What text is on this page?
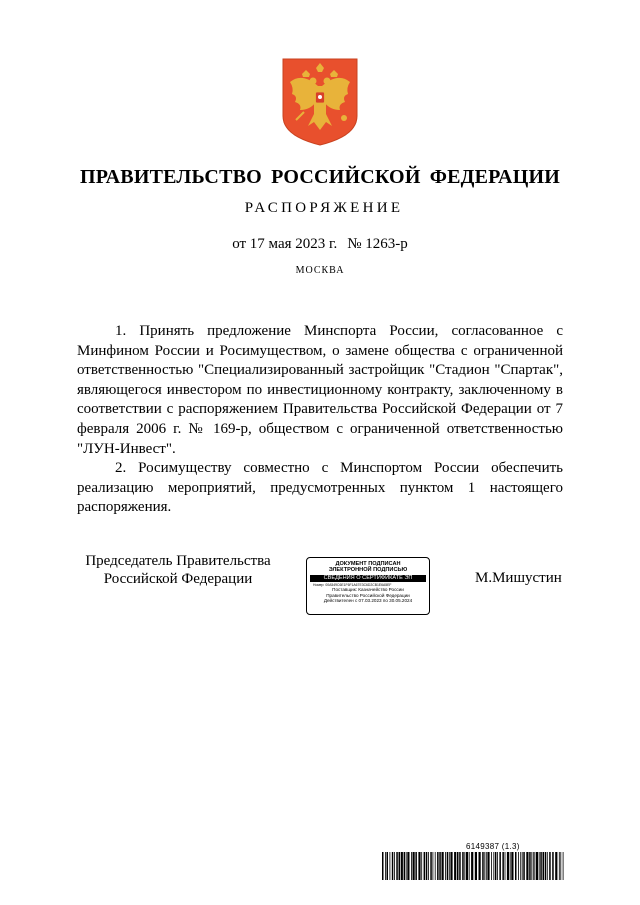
ПРАВИТЕЛЬСТВО РОССИЙСКОЙ ФЕДЕРАЦИИ
РАСПОРЯЖЕНИЕ
от 17 мая 2023 г. № 1263-р
МОСКВА

1. Принять предложение Минспорта России, согласованное с Минфином России и Росимуществом, о замене общества с ограниченной ответственностью "Специализированный застройщик "Стадион "Спартак", являющегося инвестором по инвестиционному контракту, заключенному в соответствии с распоряжением Правительства Российской Федерации от 7 февраля 2006 г. № 169-р, обществом с ограниченной ответственностью "ЛУН-Инвест".

2. Росимуществу совместно с Минспортом России обеспечить реализацию мероприятий, предусмотренных пунктом 1 настоящего распоряжения.

Председатель Правительства
Российской Федерации
ДОКУМЕНТ ПОДПИСАН
ЭЛЕКТРОННОЙ ПОДПИСЬЮ
СВЕДЕНИЯ О СЕРТИФИКАТЕ ЭП
Номер: 00A549C6E1F6F1A67E3C6D2CB1E6A5EF
Поставщик: Казначейство России
Правительство Российской Федерации
Действителен с 07.03.2023 по 30.05.2024
М.Мишустин
6149387 (1.3)
